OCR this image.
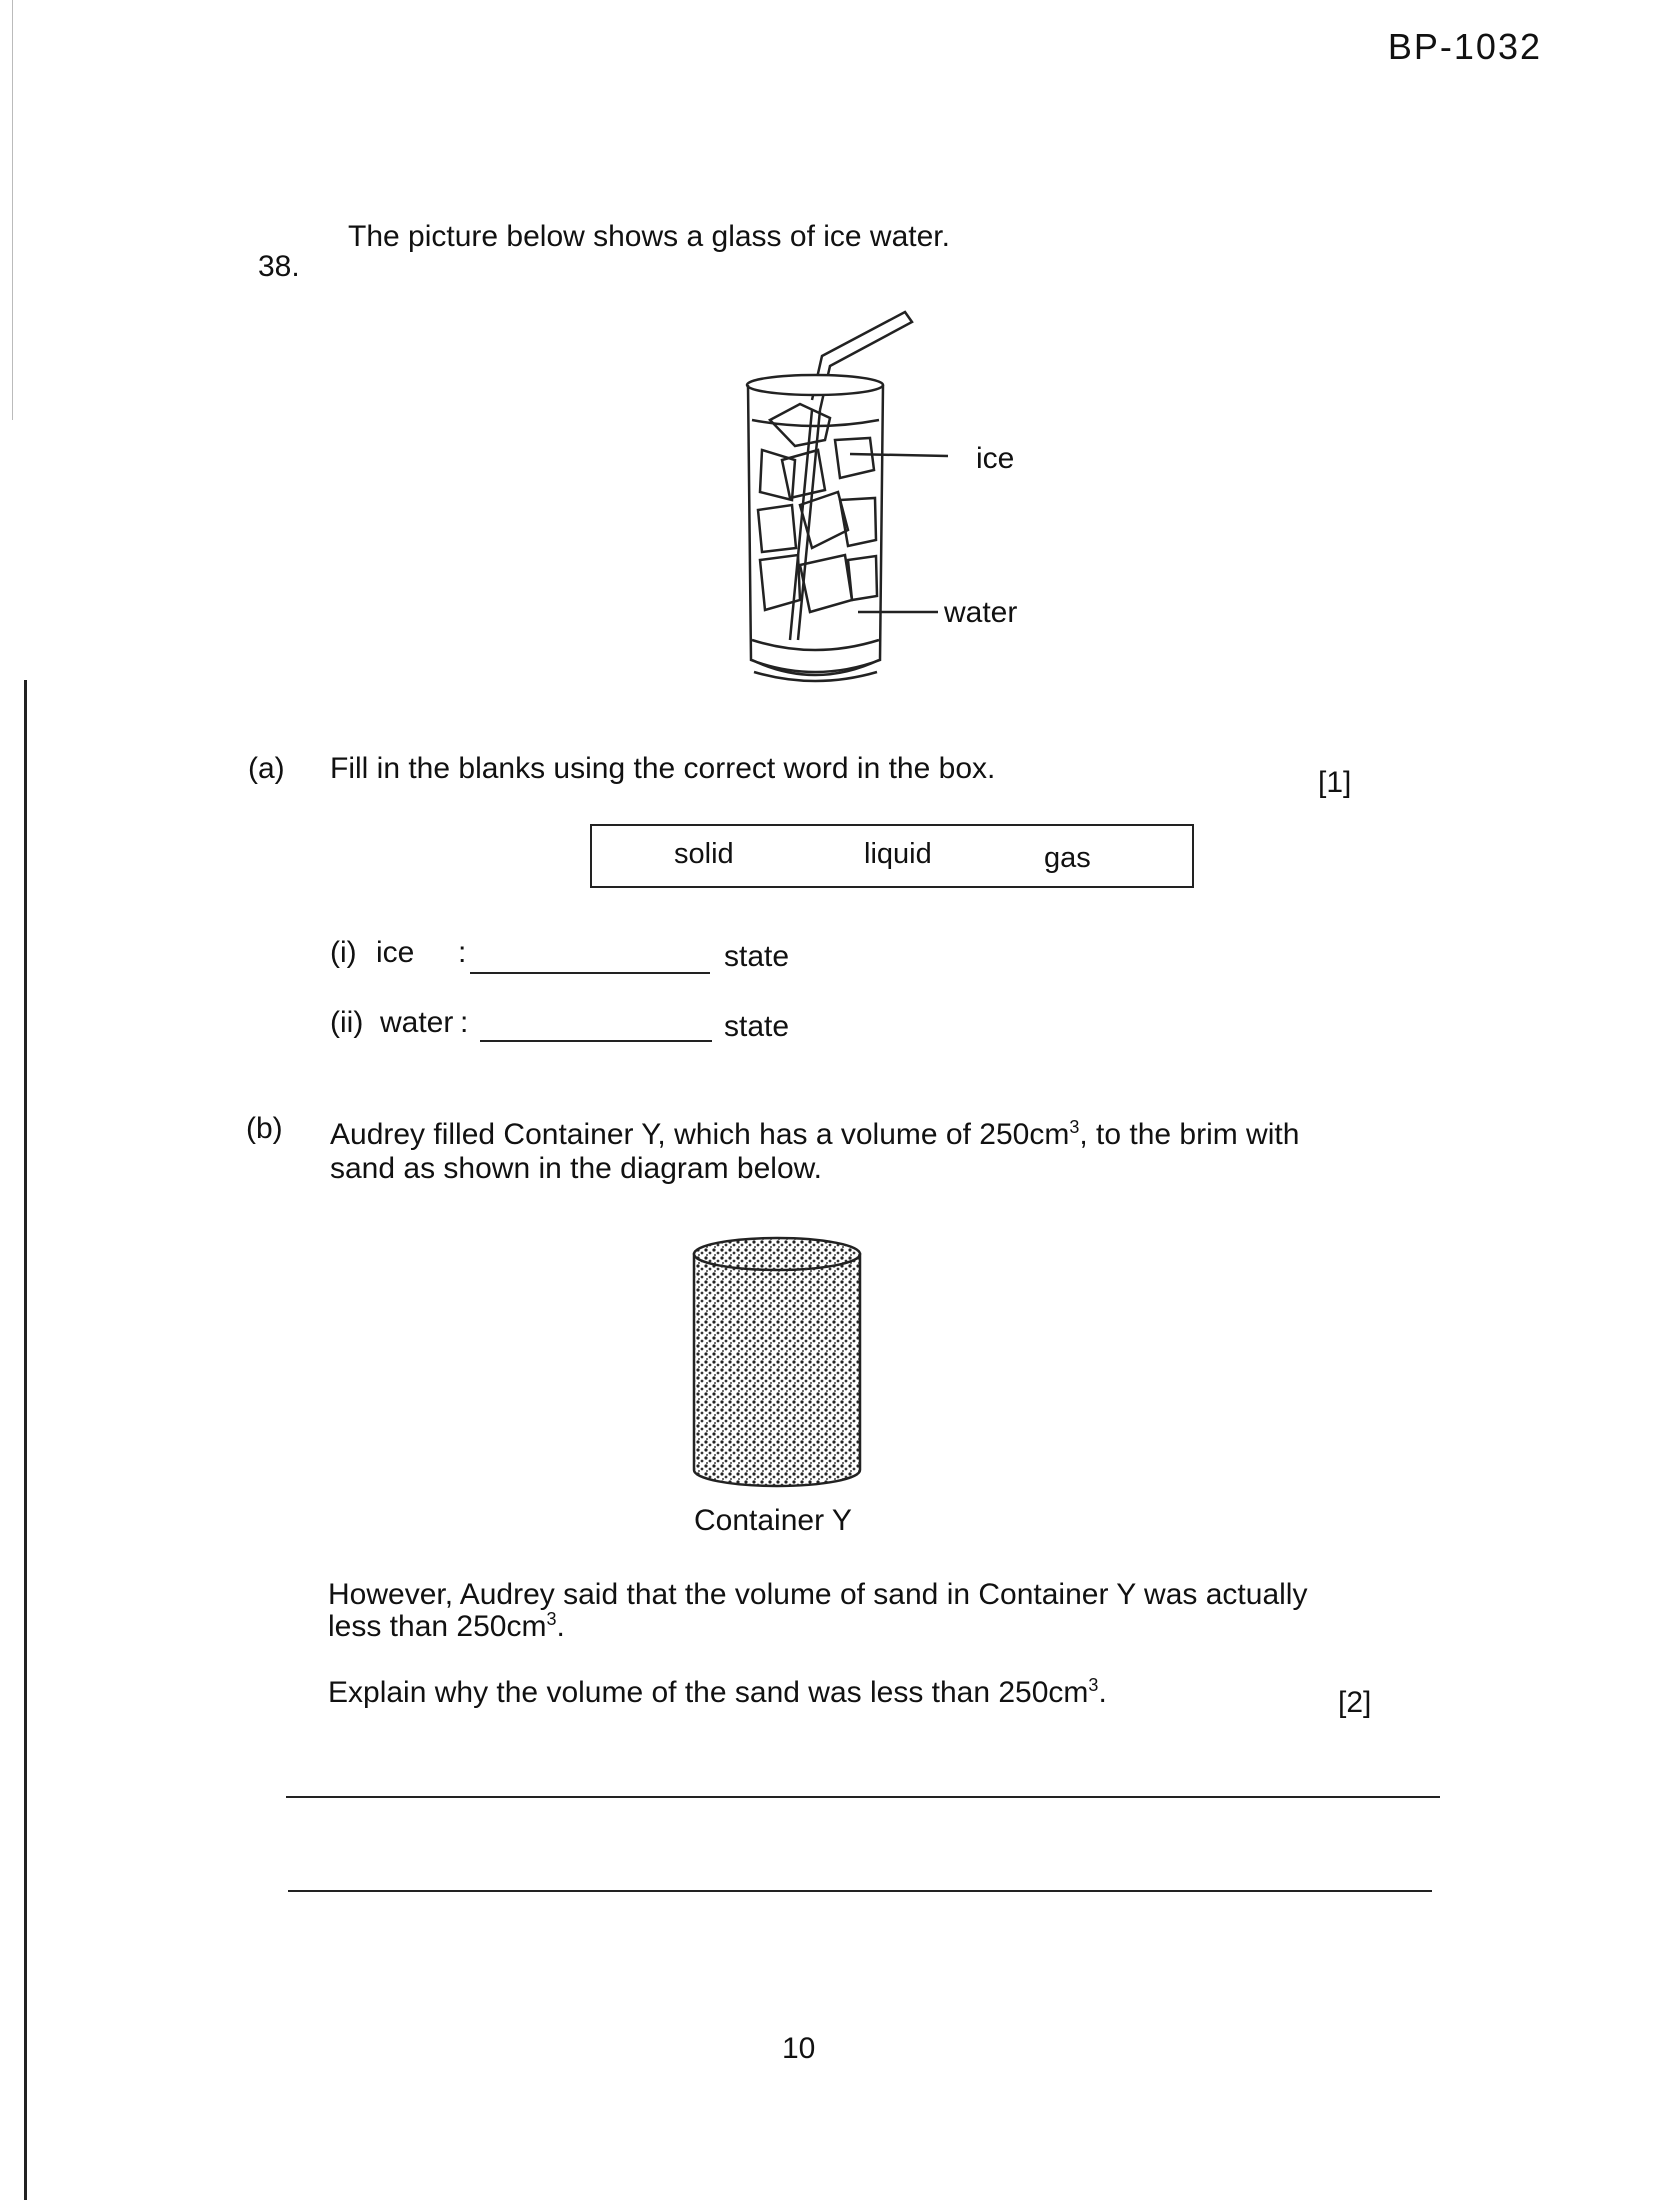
BP-1032
38.
The picture below shows a glass of ice water.
ice
water
(a) Fill in the blanks using the correct word in the box.	[1]
solid	liquid	gas
(i) ice :	state
(ii) water :	state
(b) Audrey filled Container Y, which has a volume of $250cm^3$, to the brim with
sand as shown in the diagram below.
Container Y
However, Audrey said that the volume of sand in Container Y was actually
less than $250cm^3$.
Explain why the volume of the sand was less than $250cm^3$.	[2]
10
